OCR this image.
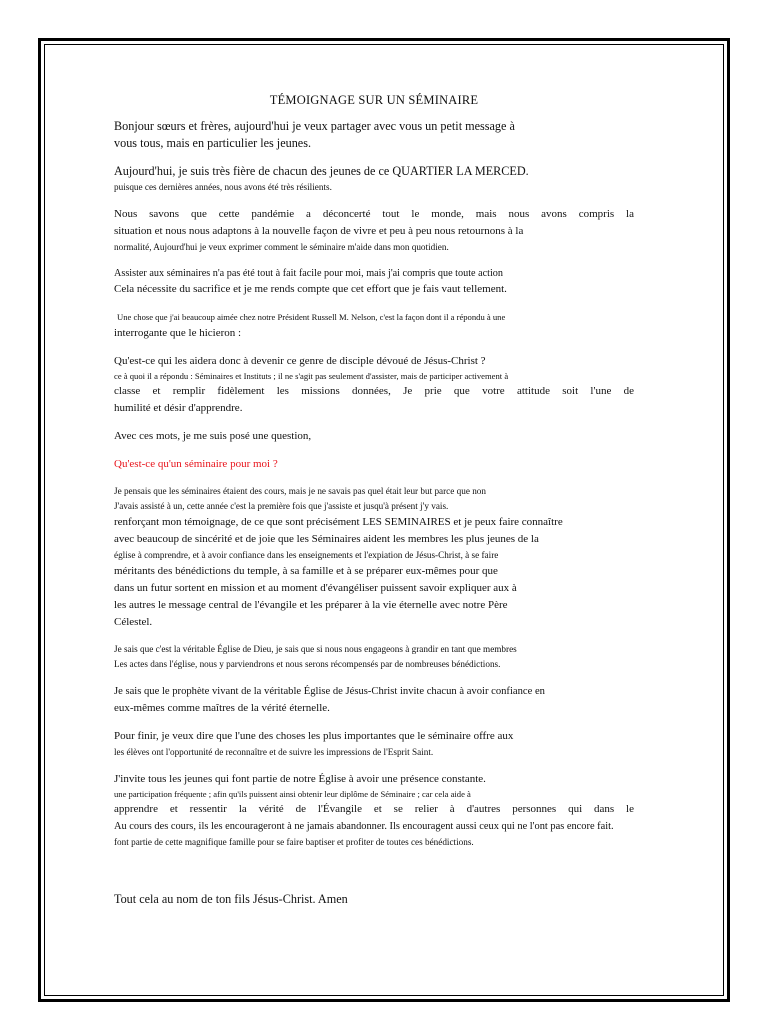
TÉMOIGNAGE SUR UN SÉMINAIRE
Bonjour sœurs et frères, aujourd'hui je veux partager avec vous un petit message à
vous tous, mais en particulier les jeunes.
Aujourd'hui, je suis très fière de chacun des jeunes de ce QUARTIER LA MERCED.
puisque ces dernières années, nous avons été très résilients.
Nous savons que cette pandémie a déconcerté tout le monde, mais nous avons compris la
situation et nous nous adaptons à la nouvelle façon de vivre et peu à peu nous retournons à la
normalité, Aujourd'hui je veux exprimer comment le séminaire m'aide dans mon quotidien.
Assister aux séminaires n'a pas été tout à fait facile pour moi, mais j'ai compris que toute action
Cela nécessite du sacrifice et je me rends compte que cet effort que je fais vaut tellement.
Une chose que j'ai beaucoup aimée chez notre Président Russell M. Nelson, c'est la façon dont il a répondu à une
interrogante que le hicieron :
Qu'est-ce qui les aidera donc à devenir ce genre de disciple dévoué de Jésus-Christ ?
ce à quoi il a répondu : Séminaires et Instituts ; il ne s'agit pas seulement d'assister, mais de participer activement à
classe et remplir fidèlement les missions données, Je prie que votre attitude soit l'une de
humilité et désir d'apprendre.
Avec ces mots, je me suis posé une question,
Qu'est-ce qu'un séminaire pour moi ?
Je pensais que les séminaires étaient des cours, mais je ne savais pas quel était leur but parce que non
J'avais assisté à un, cette année c'est la première fois que j'assiste et jusqu'à présent j'y vais.
renforçant mon témoignage, de ce que sont précisément LES SEMINAIRES et je peux faire connaître
avec beaucoup de sincérité et de joie que les Séminaires aident les membres les plus jeunes de la
église à comprendre, et à avoir confiance dans les enseignements et l'expiation de Jésus-Christ, à se faire
méritants des bénédictions du temple, à sa famille et à se préparer eux-mêmes pour que
dans un futur sortent en mission et au moment d'évangéliser puissent savoir expliquer aux à
les autres le message central de l'évangile et les préparer à la vie éternelle avec notre Père
Célestel.
Je sais que c'est la véritable Église de Dieu, je sais que si nous nous engageons à grandir en tant que membres
Les actes dans l'église, nous y parviendrons et nous serons récompensés par de nombreuses bénédictions.
Je sais que le prophète vivant de la véritable Église de Jésus-Christ invite chacun à avoir confiance en
eux-mêmes comme maîtres de la vérité éternelle.
Pour finir, je veux dire que l'une des choses les plus importantes que le séminaire offre aux
les élèves ont l'opportunité de reconnaître et de suivre les impressions de l'Esprit Saint.
J'invite tous les jeunes qui font partie de notre Église à avoir une présence constante.
une participation fréquente ; afin qu'ils puissent ainsi obtenir leur diplôme de Séminaire ; car cela aide à
apprendre et ressentir la vérité de l'Évangile et se relier à d'autres personnes qui dans le
Au cours des cours, ils les encourageront à ne jamais abandonner. Ils encouragent aussi ceux qui ne l'ont pas encore fait.
font partie de cette magnifique famille pour se faire baptiser et profiter de toutes ces bénédictions.
Tout cela au nom de ton fils Jésus-Christ. Amen
